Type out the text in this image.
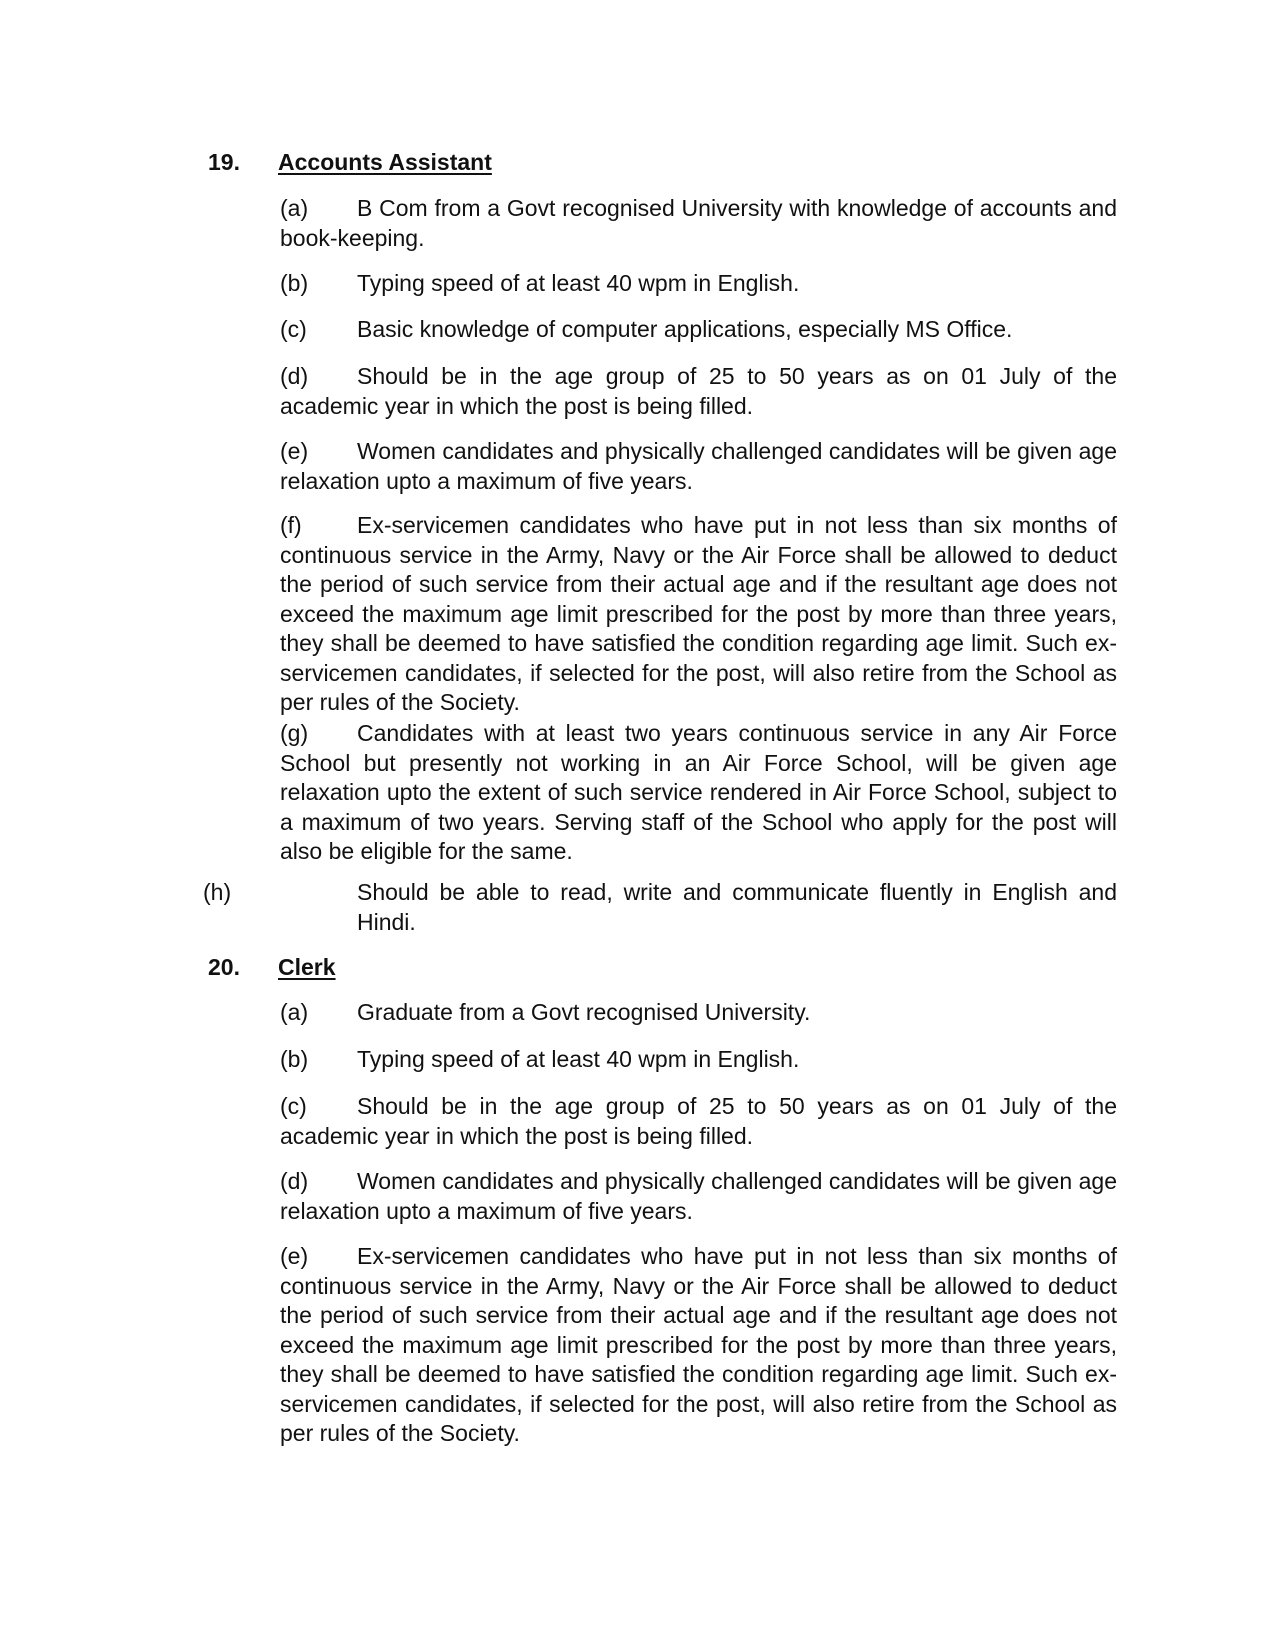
19. Accounts Assistant

(a) B Com from a Govt recognised University with knowledge of accounts and book-keeping.

(b) Typing speed of at least 40 wpm in English.

(c) Basic knowledge of computer applications, especially MS Office.

(d) Should be in the age group of 25 to 50 years as on 01 July of the academic year in which the post is being filled.

(e) Women candidates and physically challenged candidates will be given age relaxation upto a maximum of five years.

(f) Ex-servicemen candidates who have put in not less than six months of continuous service in the Army, Navy or the Air Force shall be allowed to deduct the period of such service from their actual age and if the resultant age does not exceed the maximum age limit prescribed for the post by more than three years, they shall be deemed to have satisfied the condition regarding age limit. Such ex-servicemen candidates, if selected for the post, will also retire from the School as per rules of the Society.

(g) Candidates with at least two years continuous service in any Air Force School but presently not working in an Air Force School, will be given age relaxation upto the extent of such service rendered in Air Force School, subject to a maximum of two years. Serving staff of the School who apply for the post will also be eligible for the same.

(h)	Should be able to read, write and communicate fluently in English and Hindi.

20. Clerk

(a) Graduate from a Govt recognised University.

(b) Typing speed of at least 40 wpm in English.

(c) Should be in the age group of 25 to 50 years as on 01 July of the academic year in which the post is being filled.

(d) Women candidates and physically challenged candidates will be given age relaxation upto a maximum of five years.

(e) Ex-servicemen candidates who have put in not less than six months of continuous service in the Army, Navy or the Air Force shall be allowed to deduct the period of such service from their actual age and if the resultant age does not exceed the maximum age limit prescribed for the post by more than three years, they shall be deemed to have satisfied the condition regarding age limit. Such ex-servicemen candidates, if selected for the post, will also retire from the School as per rules of the Society.
